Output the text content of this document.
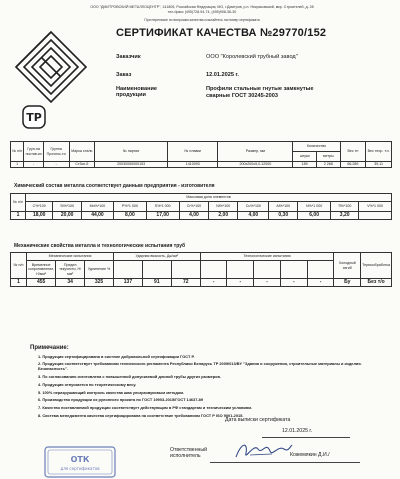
ООО "ДМИТРОВСКИЙ МЕТАЛЛОЦЕНТР", 141805, Российская Федерация, МО, г.Дмитров, р.п. Некрасовский, мкр. Строителей, д. 28
тел./факс (495)728-94-74, (495)908-36-30
При переписке по вопросам качества ссылайтесь на номер сертификата
TP
СЕРТИФИКАТ КАЧЕСТВА №29770/152
Заказчик	ООО "Королевский трубный завод"
Заказ	12.01.2025 г.
Наименование продукции
Профили стальные гнутые замкнутые
сварные ГОСТ 30245-2003
№ п/п	Груп-па постав-ки	Группа Прочнос-ти	Марка стали	№ партии	№ плавки	Размер, мм	Количество		Вес тн	Вес теор. т.н.
							штуки	метры		
1	-	-	Ст3сп-5	20030050000153	1410093	200х200х5,0-12000	189	2 268	66,289	39,11
Химический состав металла соответствует данным предприятия - изготовителя
№ п/п	Массовая доля элементов											
	C%*100	Si%*100	Mn%*100	P%*1 000	S%*1 000	Cr%*100	Ni%*100	Cu%*100	Al%*100	N%*1 000	Ti%*100	V%*1 000
1	18,00	20,00	44,00	8,00	17,00	4,00	2,00	4,00	0,30	6,00	3,20	
Механические свойства металла и технологические испытания труб
№ п/п	Механические испытания			Ударная вязкость, Дж/см²			Технологические испытания					Холодный изгиб	Термообработка
	Временное сопротивление, Н/мм²	Предел текучести, Н/мм²	Удлинение %										
1	455	34	325	137	91	72	-	-	-	-	-	Бу	Без т/о
Примечание:
1. Продукция сертифицирована в системе добровольной сертификации ГОСТ Р.
2. Продукция соответствует требованиям технического регламента Республики Беларусь ТР 2009/013/BY "Здания и сооружения, строительные материалы и изделия. Безопасность".
3. По согласованию изготовлена с повышенной допускаемой длиной трубы других размеров.
4. Продукция отпускается по теоретическому весу.
5. 100% неразрушающий контроль качества шва ультразвуковым методом.
6. Производство продукции из рулонного проката по ГОСТ 19903-2015/ГОСТ 14637-89
7. Качество поставляемой продукции соответствует действующим в РФ стандартам и техническим условиям.
8. Система менеджмента качества сертифицирована на соответствие требованиям ГОСТ Р ISO 9001-2015.
Дата выписки сертификата
12.01.2025 г.
Ответственный
исполнитель	Кожемякин Д.И./
ОТК
для сертификатов
